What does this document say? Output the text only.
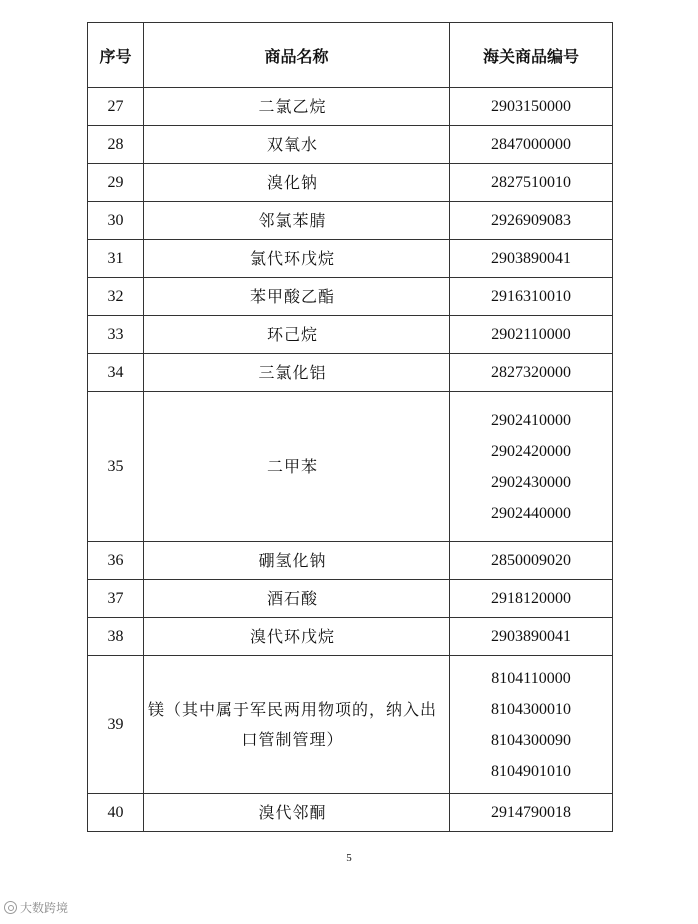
序号	商品名称	海关商品编号
27	二氯乙烷	2903150000

28	双氧水	2847000000

29	溴化钠	2827510010

30	邻氯苯腈	2926909083

31	氯代环戊烷	2903890041

32	苯甲酸乙酯	2916310010

33	环己烷	2902110000

34	三氯化铝	2827320000

35	二甲苯	2902410000
2902420000
2902430000
2902440000

36	硼氢化钠	2850009020

37	酒石酸	2918120000

38	溴代环戊烷	2903890041

39	镁（其中属于军民两用物项的，纳入出口管制管理）	8104110000
8104300010
8104300090
8104901010

40	溴代邻酮	2914790018
5
大数跨境
